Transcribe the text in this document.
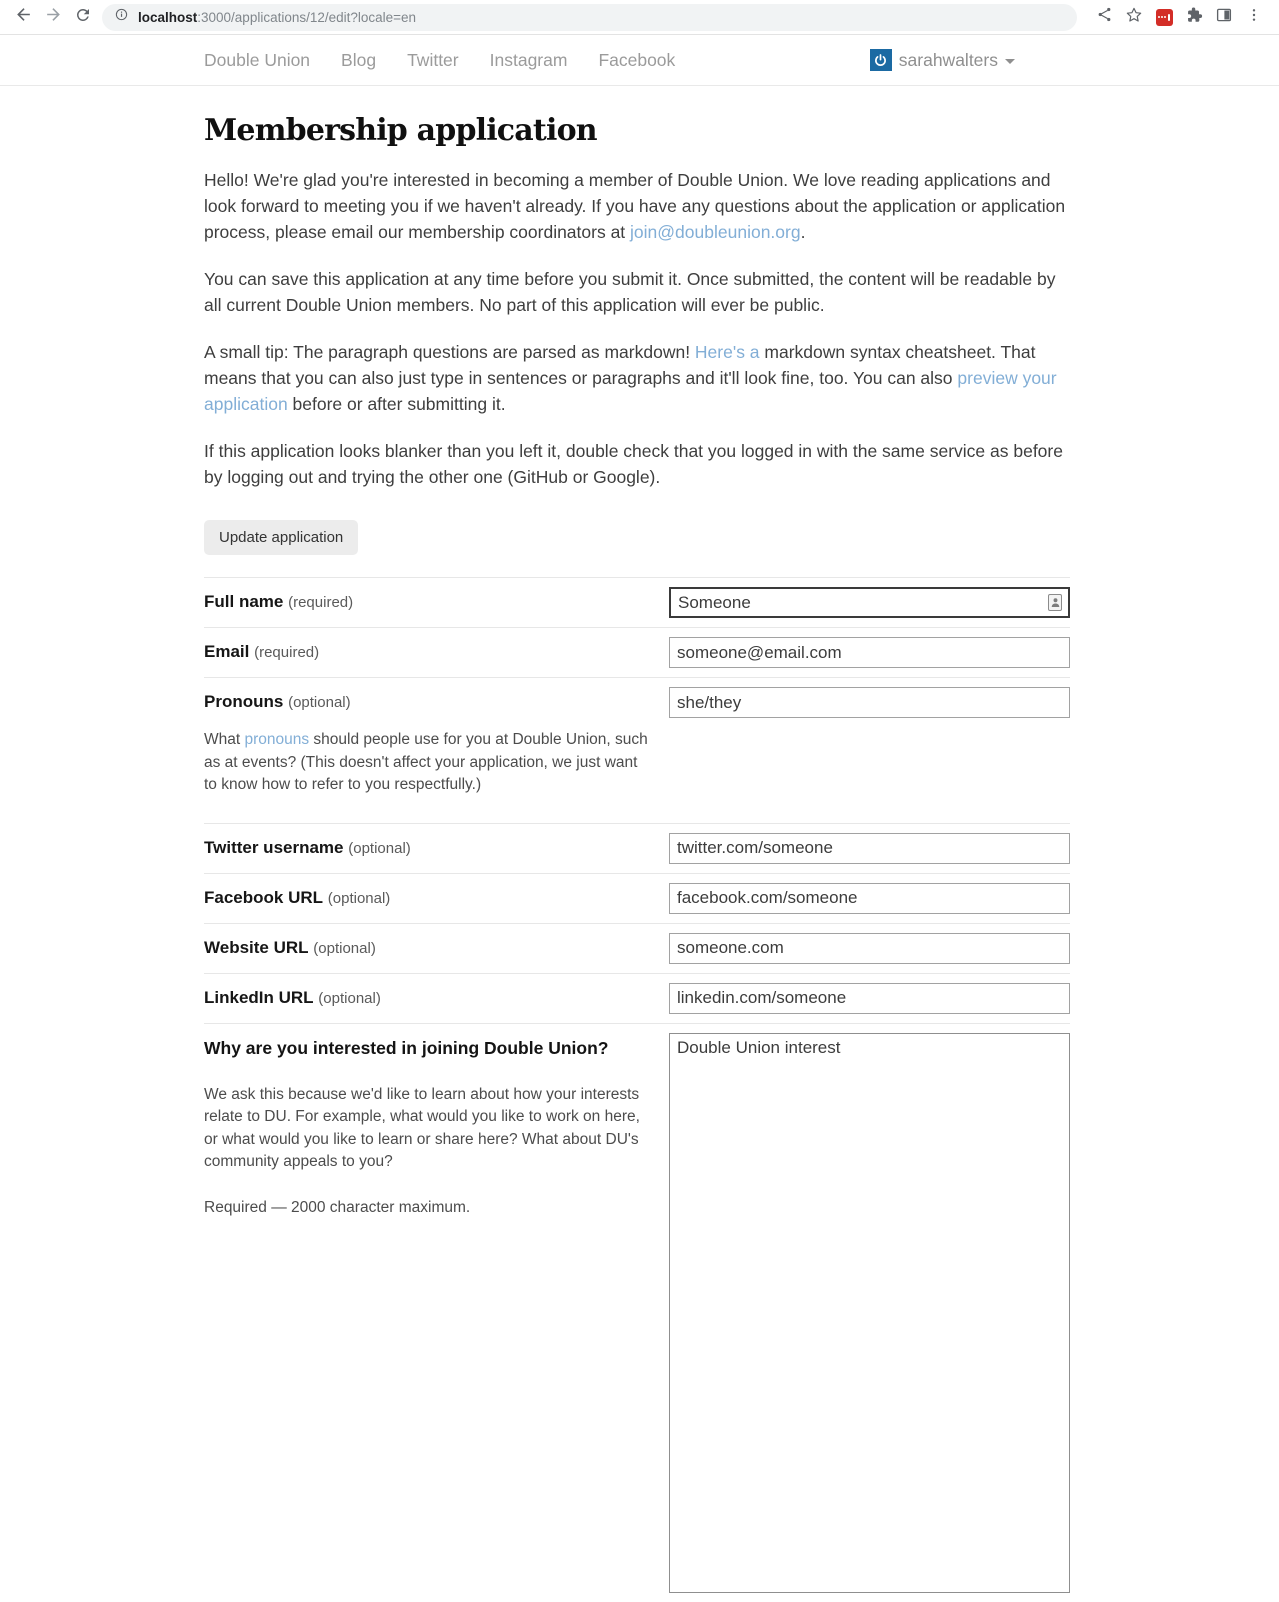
localhost:3000/applications/12/edit?locale=en
Double Union Blog Twitter Instagram Facebook	sarahwalters
Membership application

Hello! We're glad you're interested in becoming a member of Double Union. We love reading applications and look forward to meeting you if we haven't already. If you have any questions about the application or application process, please email our membership coordinators at join@doubleunion.org.

You can save this application at any time before you submit it. Once submitted, the content will be readable by all current Double Union members. No part of this application will ever be public.

A small tip: The paragraph questions are parsed as markdown! Here's a markdown syntax cheatsheet. That means that you can also just type in sentences or paragraphs and it'll look fine, too. You can also preview your application before or after submitting it.

If this application looks blanker than you left it, double check that you logged in with the same service as before by logging out and trying the other one (GitHub or Google).

Update application
Full name (required)
Someone
Email (required)
someone@email.com
Pronouns (optional)
What pronouns should people use for you at Double Union, such as at events? (This doesn't affect your application, we just want to know how to refer to you respectfully.)
she/they
Twitter username (optional)
twitter.com/someone
Facebook URL (optional)
facebook.com/someone
Website URL (optional)
someone.com
LinkedIn URL (optional)
linkedin.com/someone
Why are you interested in joining Double Union?
We ask this because we'd like to learn about how your interests relate to DU. For example, what would you like to work on here, or what would you like to learn or share here? What about DU's community appeals to you?
Required — 2000 character maximum.
Double Union interest
